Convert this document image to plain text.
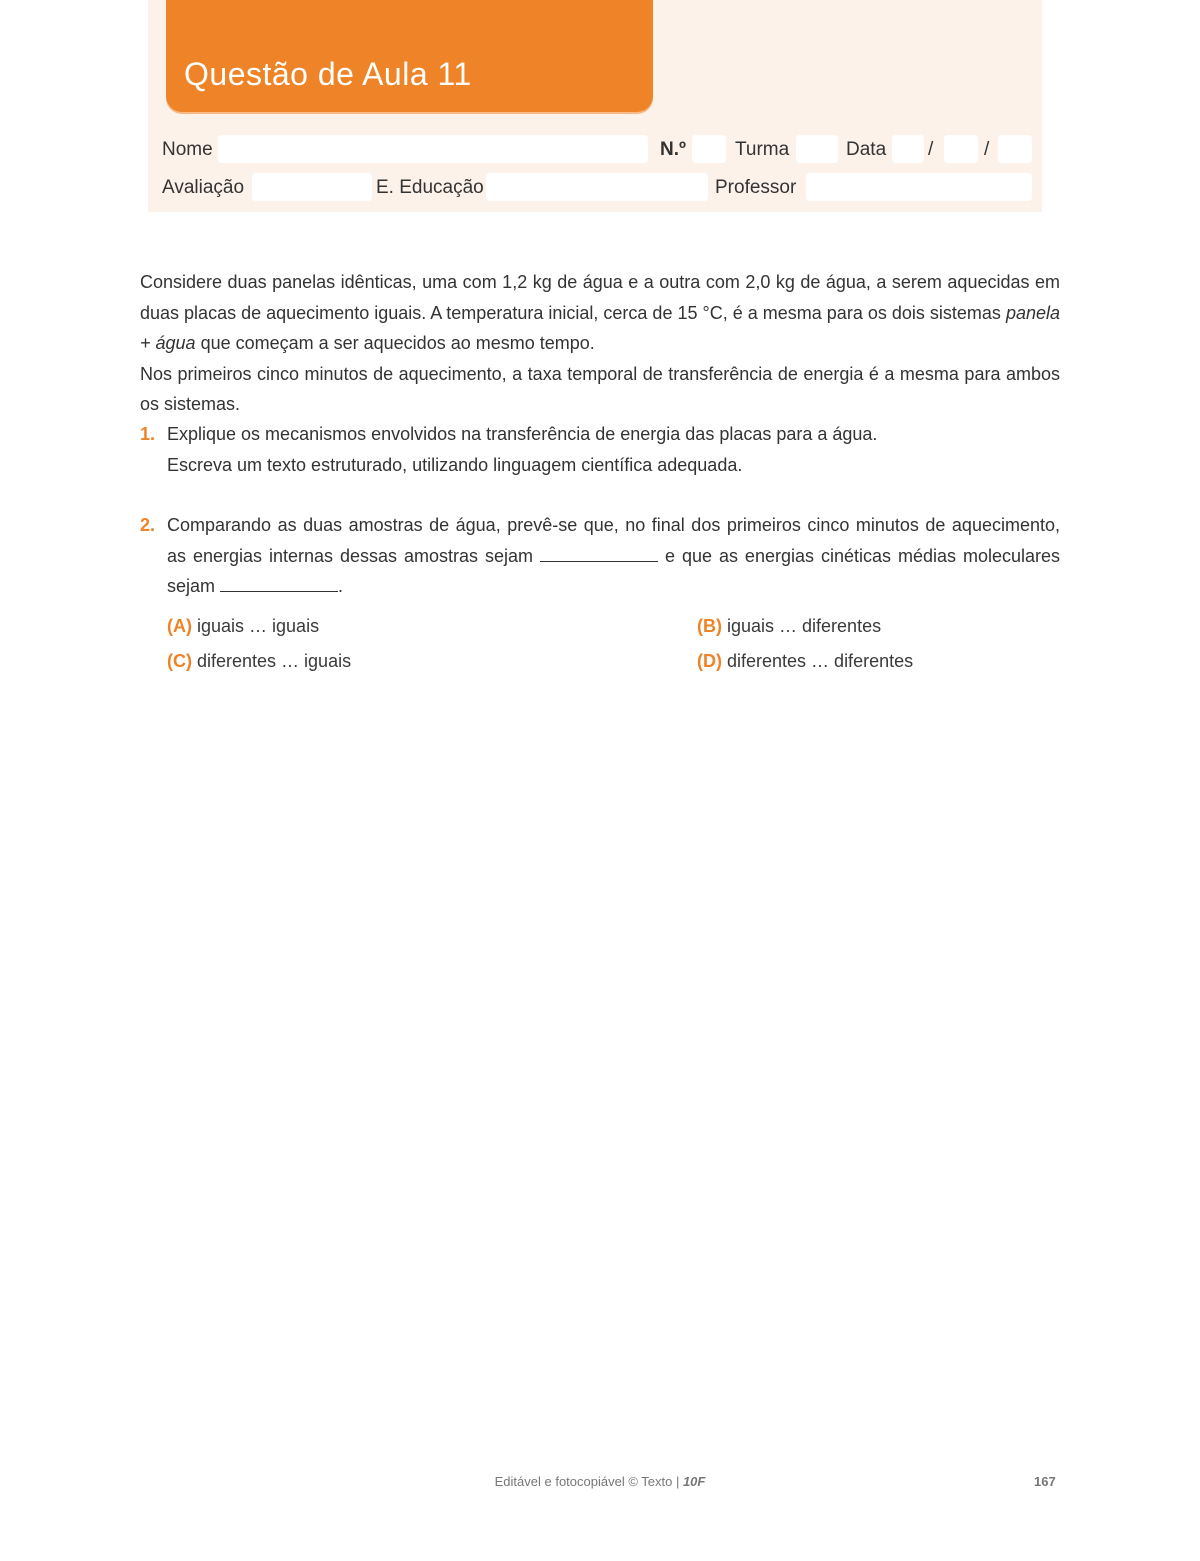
Questão de Aula 11
Nome	N.º	Turma	Data /	/
Avaliação	E. Educação	Professor

Considere duas panelas idênticas, uma com 1,2 kg de água e a outra com 2,0 kg de água, a serem aquecidas em duas placas de aquecimento iguais. A temperatura inicial, cerca de 15 °C, é a mesma para os dois sistemas panela + água que começam a ser aquecidos ao mesmo tempo.

Nos primeiros cinco minutos de aquecimento, a taxa temporal de transferência de energia é a mesma para ambos os sistemas.

1. Explique os mecanismos envolvidos na transferência de energia das placas para a água.
Escreva um texto estruturado, utilizando linguagem científica adequada.
2. Comparando as duas amostras de água, prevê-se que, no final dos primeiros cinco minutos de aquecimento, as energias internas dessas amostras sejam	e que as energias cinéticas médias moleculares sejam	.
(A) iguais … iguais	(B) iguais … diferentes
(C) diferentes … iguais	(D) diferentes … diferentes
Editável e fotocopiável © Texto | 10F	167
